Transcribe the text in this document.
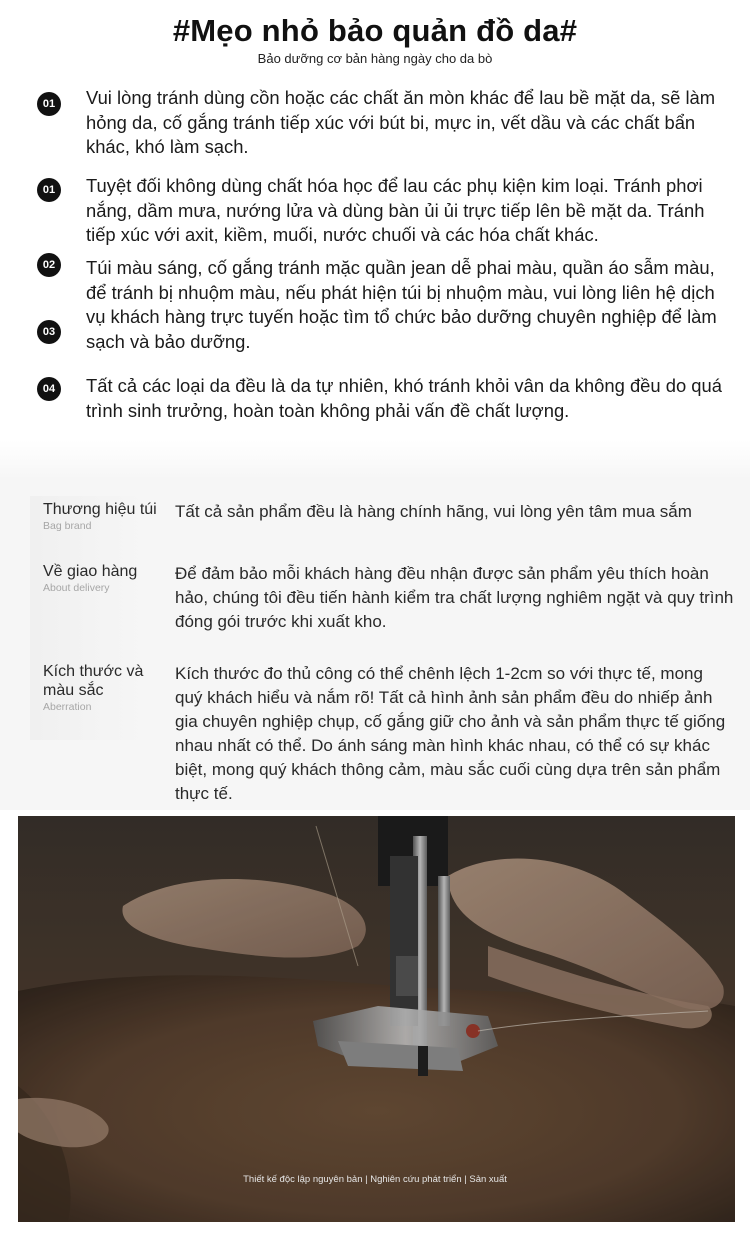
#Mẹo nhỏ bảo quản đồ da#
Bảo dưỡng cơ bản hàng ngày cho da bò
01	Vui lòng tránh dùng cồn hoặc các chất ăn mòn khác để lau bề mặt da, sẽ làm hỏng da, cố gắng tránh tiếp xúc với bút bi, mực in, vết dầu và các chất bẩn khác, khó làm sạch.
01	Tuyệt đối không dùng chất hóa học để lau các phụ kiện kim loại. Tránh phơi nắng, dầm mưa, nướng lửa và dùng bàn ủi ủi trực tiếp lên bề mặt da. Tránh tiếp xúc với axit, kiềm, muối, nước chuối và các hóa chất khác.
02	Túi màu sáng, cố gắng tránh mặc quần jean dễ phai màu, quần áo sẫm màu, để tránh bị nhuộm màu, nếu phát hiện túi bị nhuộm màu, vui lòng liên hệ dịch vụ khách hàng trực tuyến hoặc tìm tổ chức bảo dưỡng chuyên nghiệp để làm sạch và bảo dưỡng.
03
04	Tất cả các loại da đều là da tự nhiên, khó tránh khỏi vân da không đều do quá trình sinh trưởng, hoàn toàn không phải vấn đề chất lượng.
Thương hiệu túi
Bag brand
Tất cả sản phẩm đều là hàng chính hãng, vui lòng yên tâm mua sắm
Về giao hàng
About delivery
Để đảm bảo mỗi khách hàng đều nhận được sản phẩm yêu thích hoàn hảo, chúng tôi đều tiến hành kiểm tra chất lượng nghiêm ngặt và quy trình đóng gói trước khi xuất kho.
Kích thước và màu sắc
Aberration
Kích thước đo thủ công có thể chênh lệch 1-2cm so với thực tế, mong quý khách hiểu và nắm rõ! Tất cả hình ảnh sản phẩm đều do nhiếp ảnh gia chuyên nghiệp chụp, cố gắng giữ cho ảnh và sản phẩm thực tế giống nhau nhất có thể. Do ánh sáng màn hình khác nhau, có thể có sự khác biệt, mong quý khách thông cảm, màu sắc cuối cùng dựa trên sản phẩm thực tế.
Thiết kế độc lập nguyên bản | Nghiên cứu phát triển | Sản xuất
